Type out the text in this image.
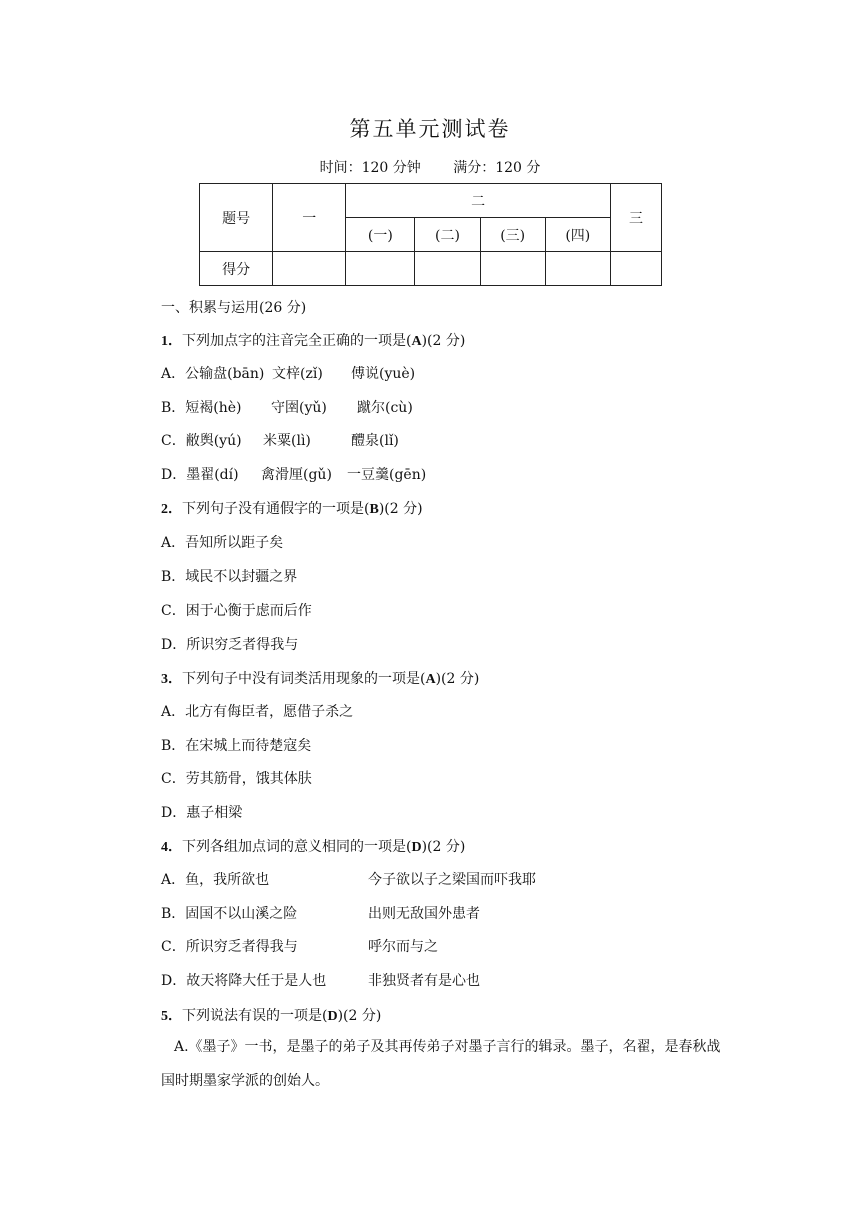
第五单元测试卷
时间：120 分钟 满分：120 分
题号	一	二				三
		(一)	(二)	(三)	(四)	
得分						
一、积累与运用(26 分)
1．下列加点字的注音完全正确的一项是(A)(2 分)
A．公输盘(bān) 文梓(zǐ) 傅说(yuè)
B．短褐(hè) 守圉(yǔ) 蹴尔(cù)
C．敝舆(yú) 米粟(lì)	醴泉(lǐ)
D．墨翟(dí) 禽滑厘(gǔ) 一豆羹(gēn)
2．下列句子没有通假字的一项是(B)(2 分)
A．吾知所以距子矣
B．域民不以封疆之界
C．困于心衡于虑而后作
D．所识穷乏者得我与
3．下列句子中没有词类活用现象的一项是(A)(2 分)
A．北方有侮臣者，愿借子杀之
B．在宋城上而待楚寇矣
C．劳其筋骨，饿其体肤
D．惠子相梁
4．下列各组加点词的意义相同的一项是(D)(2 分)
A．鱼，我所欲也	今子欲以子之梁国而吓我耶
B．固国不以山溪之险	出则无敌国外患者
C．所识穷乏者得我与	呼尔而与之
D．故天将降大任于是人也	非独贤者有是心也
5．下列说法有误的一项是(D)(2 分)
A.《墨子》一书，是墨子的弟子及其再传弟子对墨子言行的辑录。墨子，名翟，是春秋战国时期墨家学派的创始人。
